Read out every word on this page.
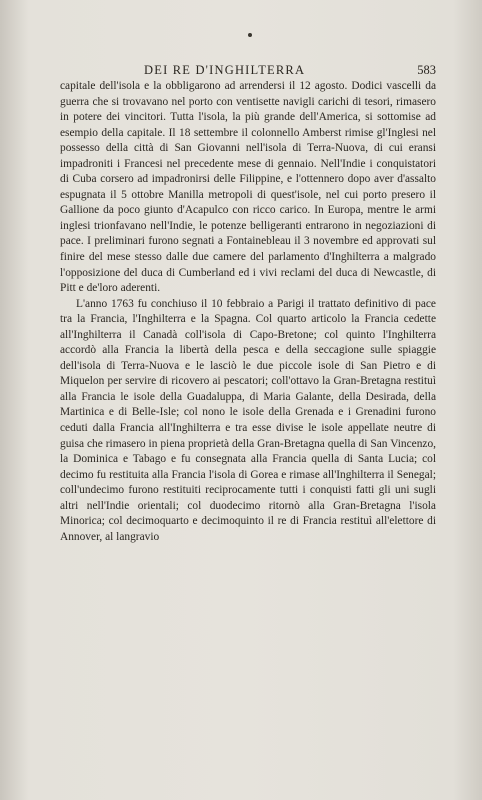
DEI RE D'INGHILTERRA	583

capitale dell'isola e la obbligarono ad arrendersi il 12 agosto. Dodici vascelli da guerra che si trovavano nel porto con ventisette navigli carichi di tesori, rimasero in potere dei vincitori. Tutta l'isola, la più grande dell'America, si sottomise ad esempio della capitale. Il 18 settembre il colonnello Amberst rimise gl'Inglesi nel possesso della città di San Giovanni nell'isola di Terra-Nuova, di cui eransi impadroniti i Francesi nel precedente mese di gennaio. Nell'Indie i conquistatori di Cuba corsero ad impadronirsi delle Filippine, e l'ottennero dopo aver d'assalto espugnata il 5 ottobre Manilla metropoli di quest'isole, nel cui porto presero il Gallione da poco giunto d'Acapulco con ricco carico. In Europa, mentre le armi inglesi trionfavano nell'Indie, le potenze belligeranti entrarono in negoziazioni di pace. I preliminari furono segnati a Fontainebleau il 3 novembre ed approvati sul finire del mese stesso dalle due camere del parlamento d'Inghilterra a malgrado l'opposizione del duca di Cumberland ed i vivi reclami del duca di Newcastle, di Pitt e de'loro aderenti.

L'anno 1763 fu conchiuso il 10 febbraio a Parigi il trattato definitivo di pace tra la Francia, l'Inghilterra e la Spagna. Col quarto articolo la Francia cedette all'Inghilterra il Canadà coll'isola di Capo-Bretone; col quinto l'Inghilterra accordò alla Francia la libertà della pesca e della seccagione sulle spiaggie dell'isola di Terra-Nuova e le lasciò le due piccole isole di San Pietro e di Miquelon per servire di ricovero ai pescatori; coll'ottavo la Gran-Bretagna restituì alla Francia le isole della Guadaluppa, di Maria Galante, della Desirada, della Martinica e di Belle-Isle; col nono le isole della Grenada e i Grenadini furono ceduti dalla Francia all'Inghilterra e tra esse divise le isole appellate neutre di guisa che rimasero in piena proprietà della Gran-Bretagna quella di San Vincenzo, la Dominica e Tabago e fu consegnata alla Francia quella di Santa Lucia; col decimo fu restituita alla Francia l'isola di Gorea e rimase all'Inghilterra il Senegal; coll'undecimo furono restituiti reciprocamente tutti i conquisti fatti gli uni sugli altri nell'Indie orientali; col duodecimo ritornò alla Gran-Bretagna l'isola Minorica; col decimoquarto e decimoquinto il re di Francia restituì all'elettore di Annover, al langravio
